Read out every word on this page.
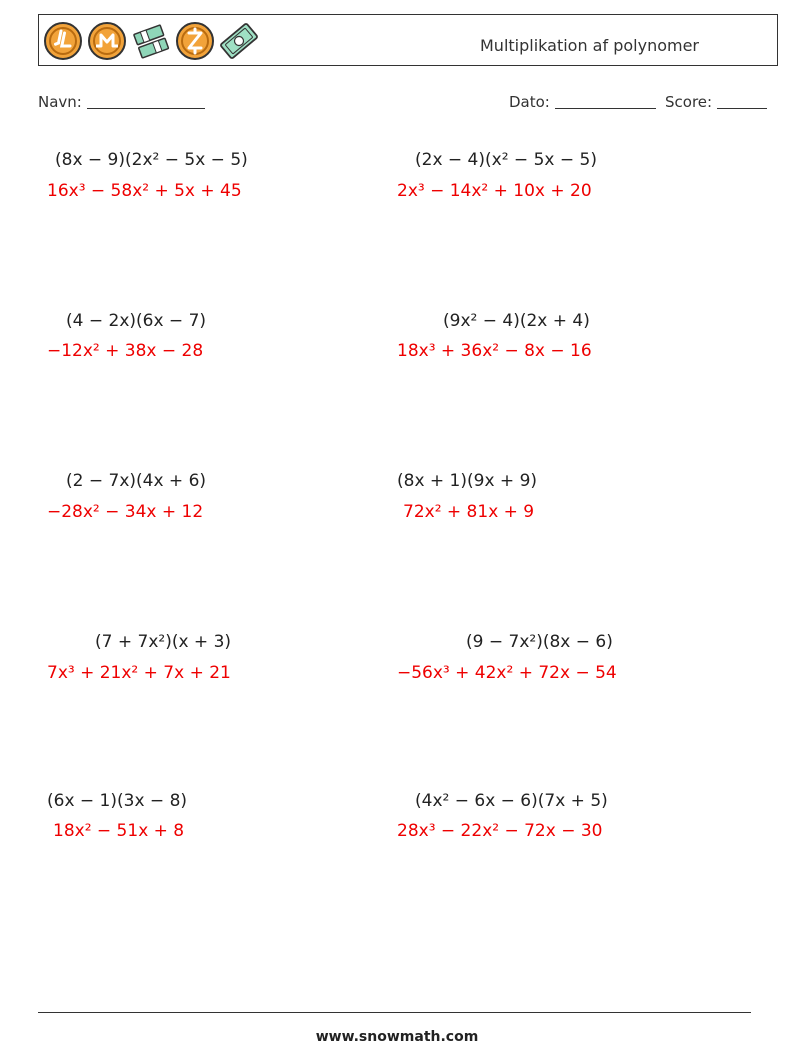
Multiplikation af polynomer
Navn:	Dato:	Score:
(8x − 9)(2x² − 5x − 5)
16x³ − 58x² + 5x + 45
(2x − 4)(x² − 5x − 5)
2x³ − 14x² + 10x + 20
(4 − 2x)(6x − 7)
−12x² + 38x − 28
(9x² − 4)(2x + 4)
18x³ + 36x² − 8x − 16
(2 − 7x)(4x + 6)
−28x² − 34x + 12
(8x + 1)(9x + 9)
72x² + 81x + 9
(7 + 7x²)(x + 3)
7x³ + 21x² + 7x + 21
(9 − 7x²)(8x − 6)
−56x³ + 42x² + 72x − 54
(6x − 1)(3x − 8)
18x² − 51x + 8
(4x² − 6x − 6)(7x + 5)
28x³ − 22x² − 72x − 30
www.snowmath.com
